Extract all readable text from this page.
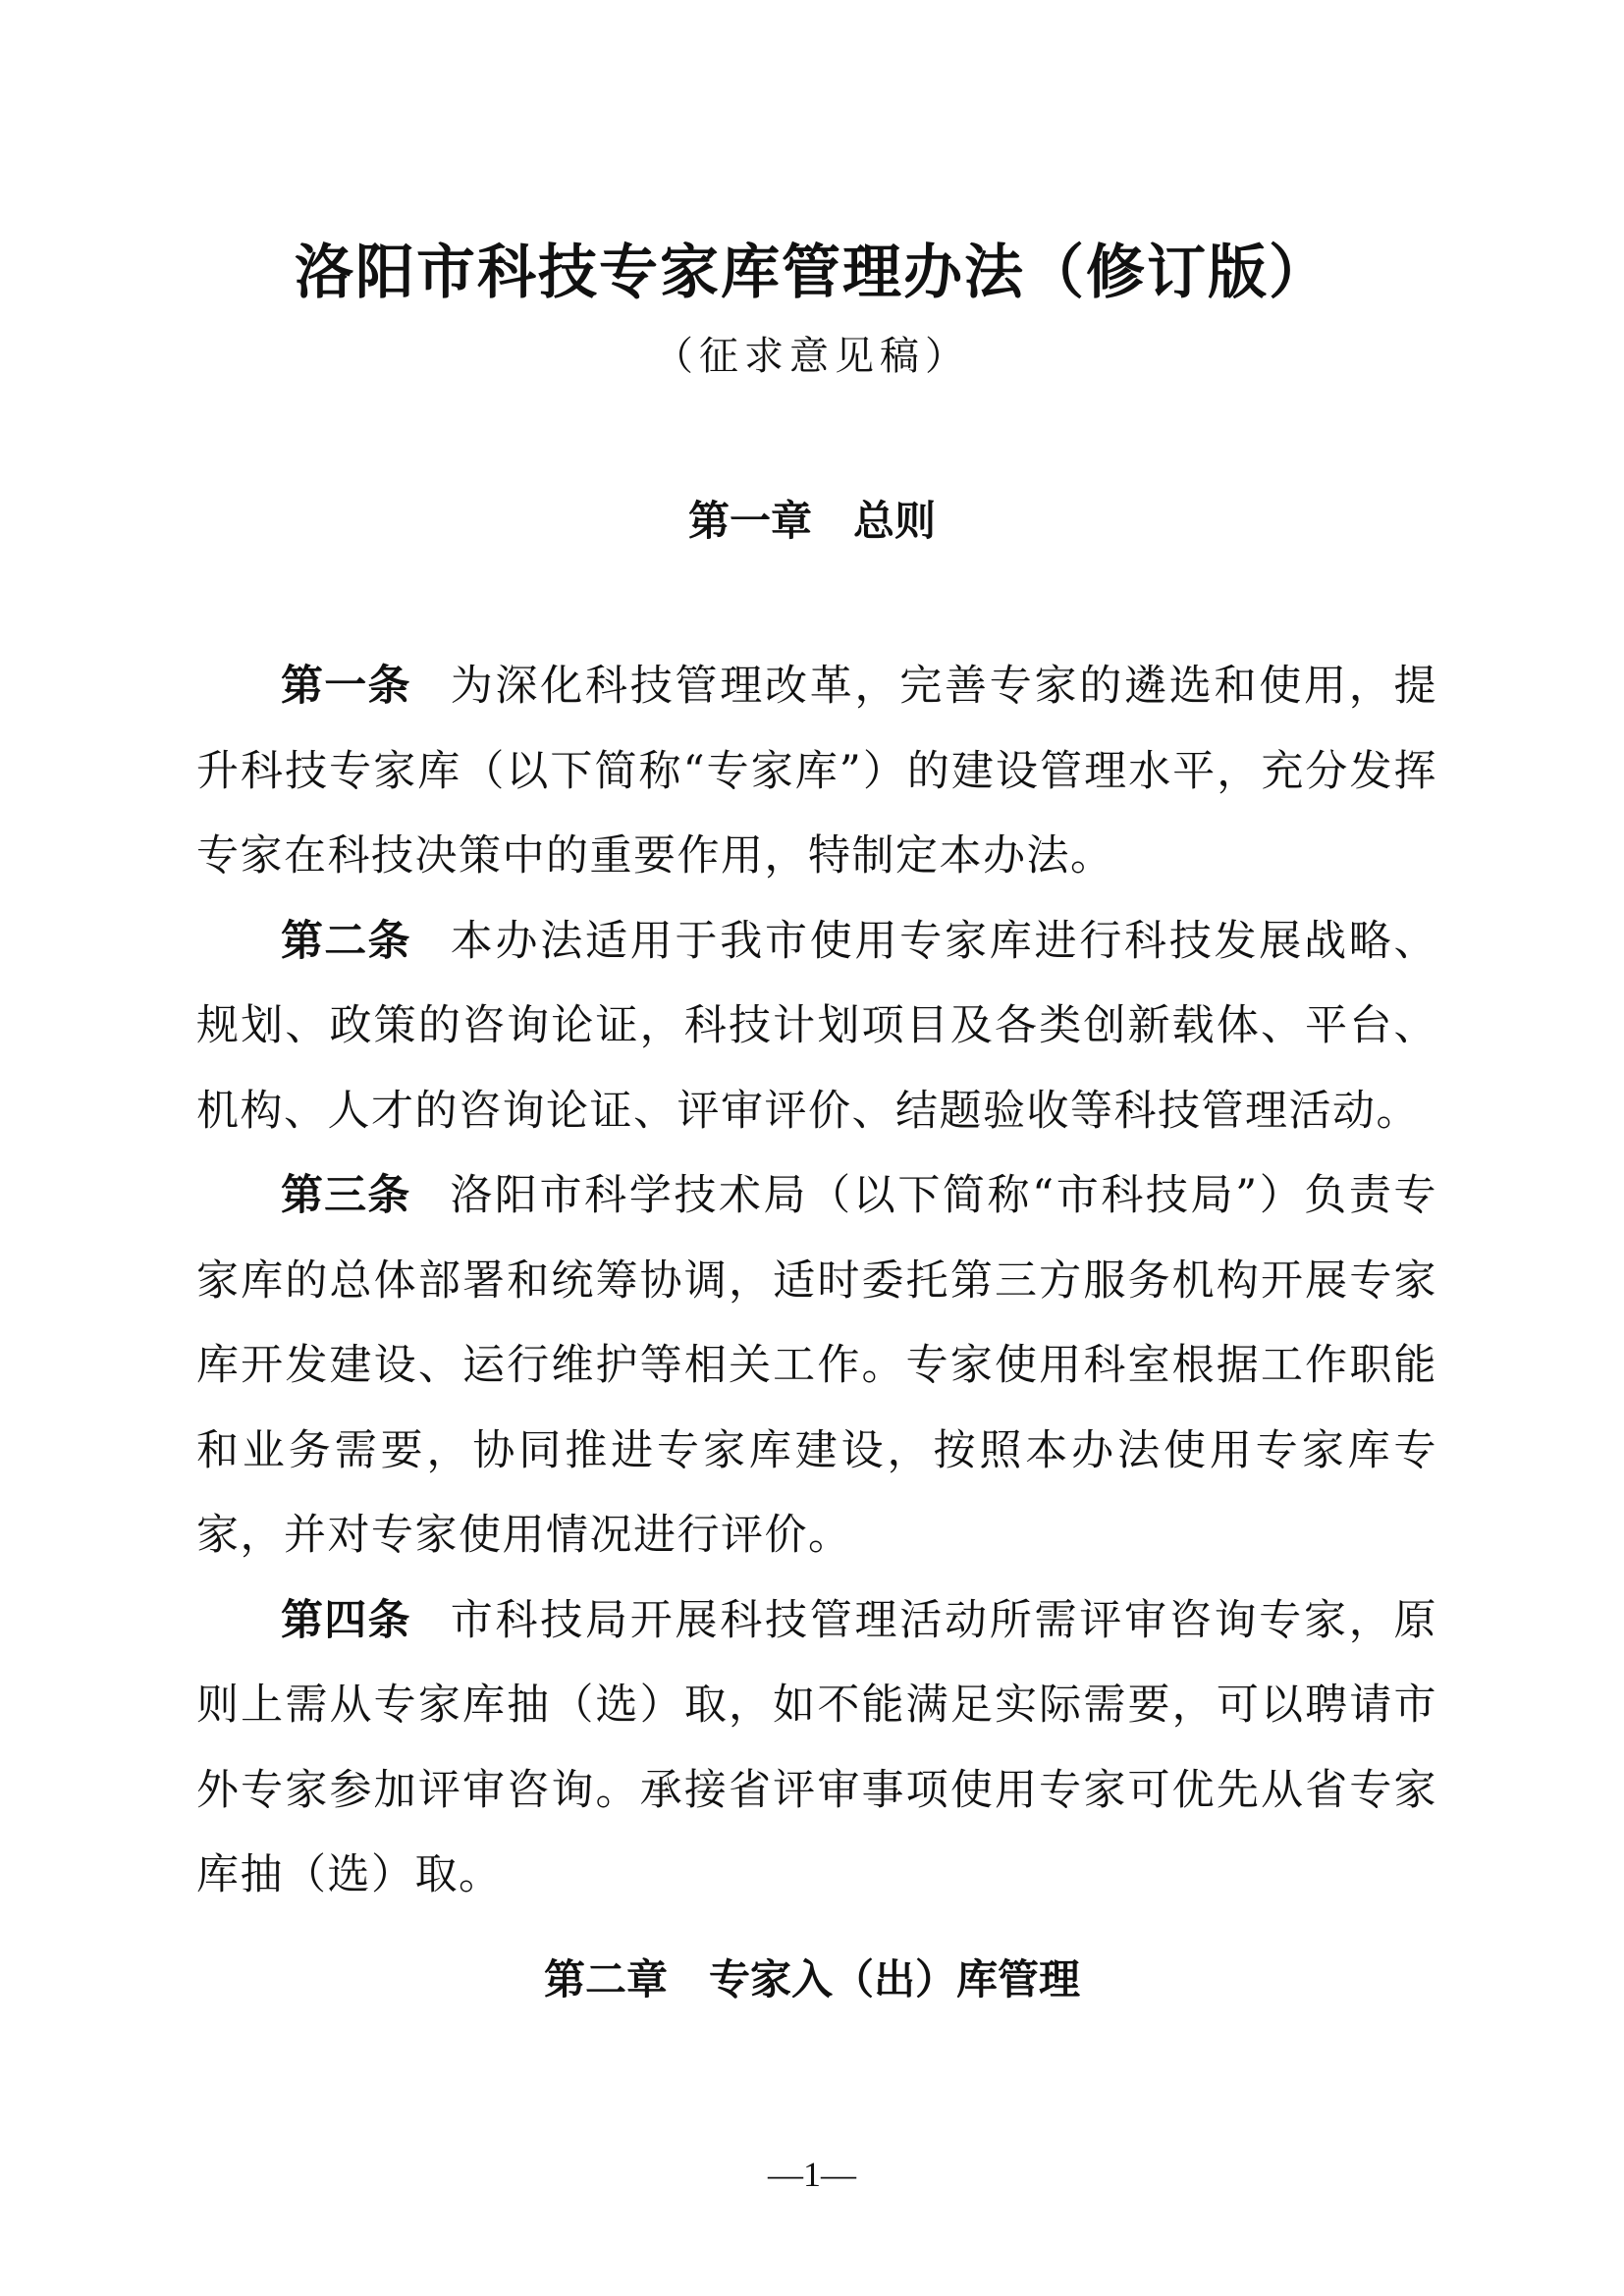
洛阳市科技专家库管理办法（修订版）

（征求意见稿）

第一章　总则

第一条 为深化科技管理改革，完善专家的遴选和使用，提升科技专家库（以下简称“专家库”）的建设管理水平，充分发挥专家在科技决策中的重要作用，特制定本办法。

第二条 本办法适用于我市使用专家库进行科技发展战略、规划、政策的咨询论证，科技计划项目及各类创新载体、平台、机构、人才的咨询论证、评审评价、结题验收等科技管理活动。

第三条 洛阳市科学技术局（以下简称“市科技局”）负责专家库的总体部署和统筹协调，适时委托第三方服务机构开展专家库开发建设、运行维护等相关工作。专家使用科室根据工作职能和业务需要，协同推进专家库建设，按照本办法使用专家库专家，并对专家使用情况进行评价。

第四条 市科技局开展科技管理活动所需评审咨询专家，原则上需从专家库抽（选）取，如不能满足实际需要，可以聘请市外专家参加评审咨询。承接省评审事项使用专家可优先从省专家库抽（选）取。

第二章　专家入（出）库管理

—1—
